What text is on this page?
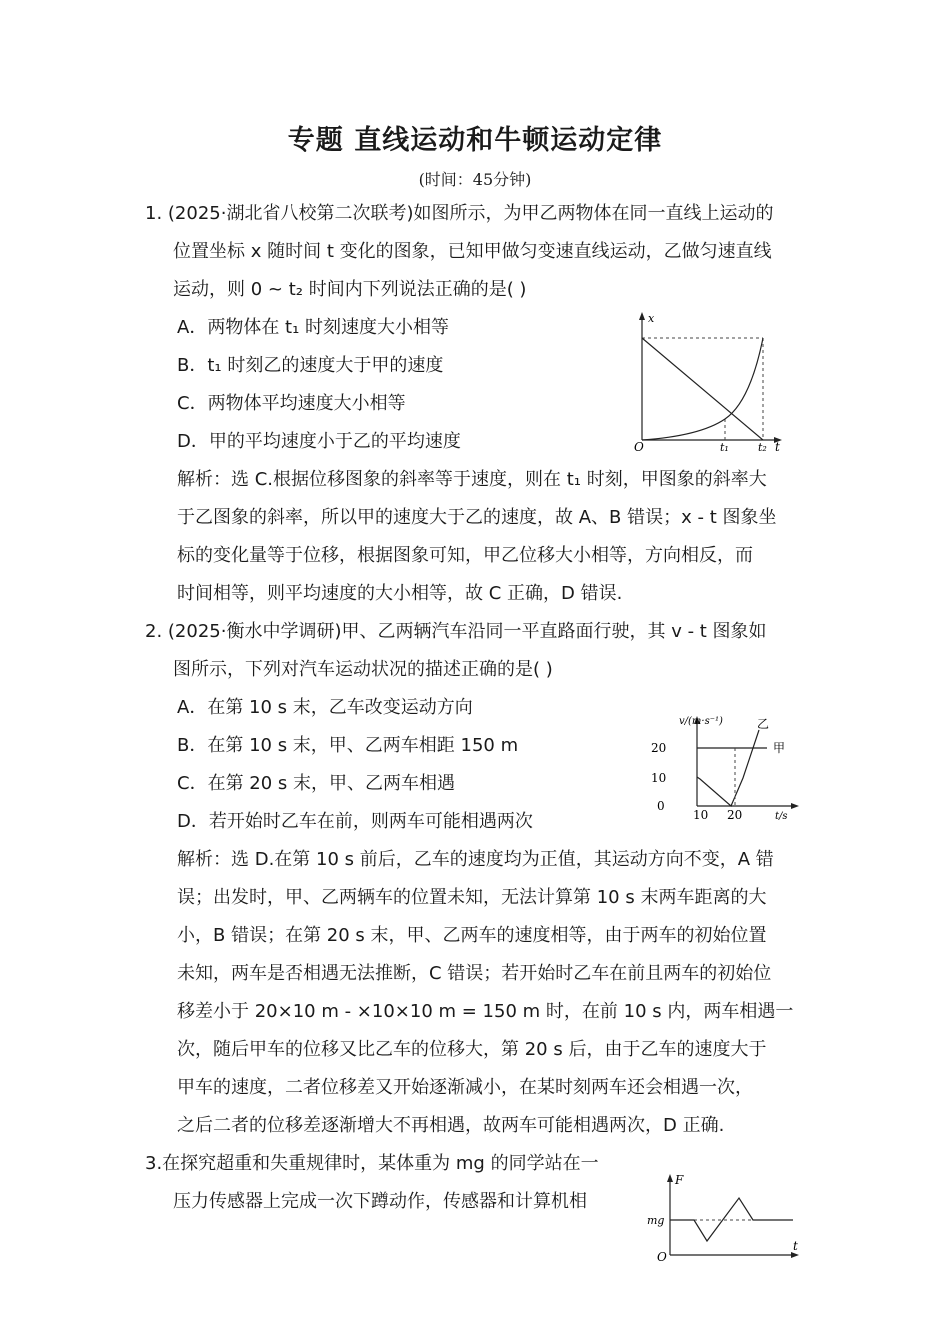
专题 直线运动和牛顿运动定律
(时间：45分钟)
1. (2025·湖北省八校第二次联考)如图所示，为甲乙两物体在同一直线上运动的
位置坐标 x 随时间 t 变化的图象，已知甲做匀变速直线运动，乙做匀速直线
运动，则 0 ~ t₂ 时间内下列说法正确的是( )
A．两物体在 t₁ 时刻速度大小相等
B．t₁ 时刻乙的速度大于甲的速度
C．两物体平均速度大小相等
D．甲的平均速度小于乙的平均速度
x
O	t₁	t₂ t
解析：选 C.根据位移图象的斜率等于速度，则在 t₁ 时刻，甲图象的斜率大
于乙图象的斜率，所以甲的速度大于乙的速度，故 A、B 错误；x - t 图象坐
标的变化量等于位移，根据图象可知，甲乙位移大小相等，方向相反，而
时间相等，则平均速度的大小相等，故 C 正确，D 错误.
2. (2025·衡水中学调研)甲、乙两辆汽车沿同一平直路面行驶，其 v - t 图象如
图所示，下列对汽车运动状况的描述正确的是( )
A．在第 10 s 末，乙车改变运动方向
B．在第 10 s 末，甲、乙两车相距 150 m
C．在第 20 s 末，甲、乙两车相遇
D．若开始时乙车在前，则两车可能相遇两次
v/(m·s⁻¹)	乙
甲
20
10
0
10 20	t/s
解析：选 D.在第 10 s 前后，乙车的速度均为正值，其运动方向不变，A 错
误；出发时，甲、乙两辆车的位置未知，无法计算第 10 s 末两车距离的大
小，B 错误；在第 20 s 末，甲、乙两车的速度相等，由于两车的初始位置
未知，两车是否相遇无法推断，C 错误；若开始时乙车在前且两车的初始位
移差小于 20×10 m - ×10×10 m = 150 m 时，在前 10 s 内，两车相遇一
次，随后甲车的位移又比乙车的位移大，第 20 s 后，由于乙车的速度大于
甲车的速度，二者位移差又开始逐渐减小，在某时刻两车还会相遇一次，
之后二者的位移差逐渐增大不再相遇，故两车可能相遇两次，D 正确.
3.在探究超重和失重规律时，某体重为 mg 的同学站在一
压力传感器上完成一次下蹲动作，传感器和计算机相
F
mg
O
t
